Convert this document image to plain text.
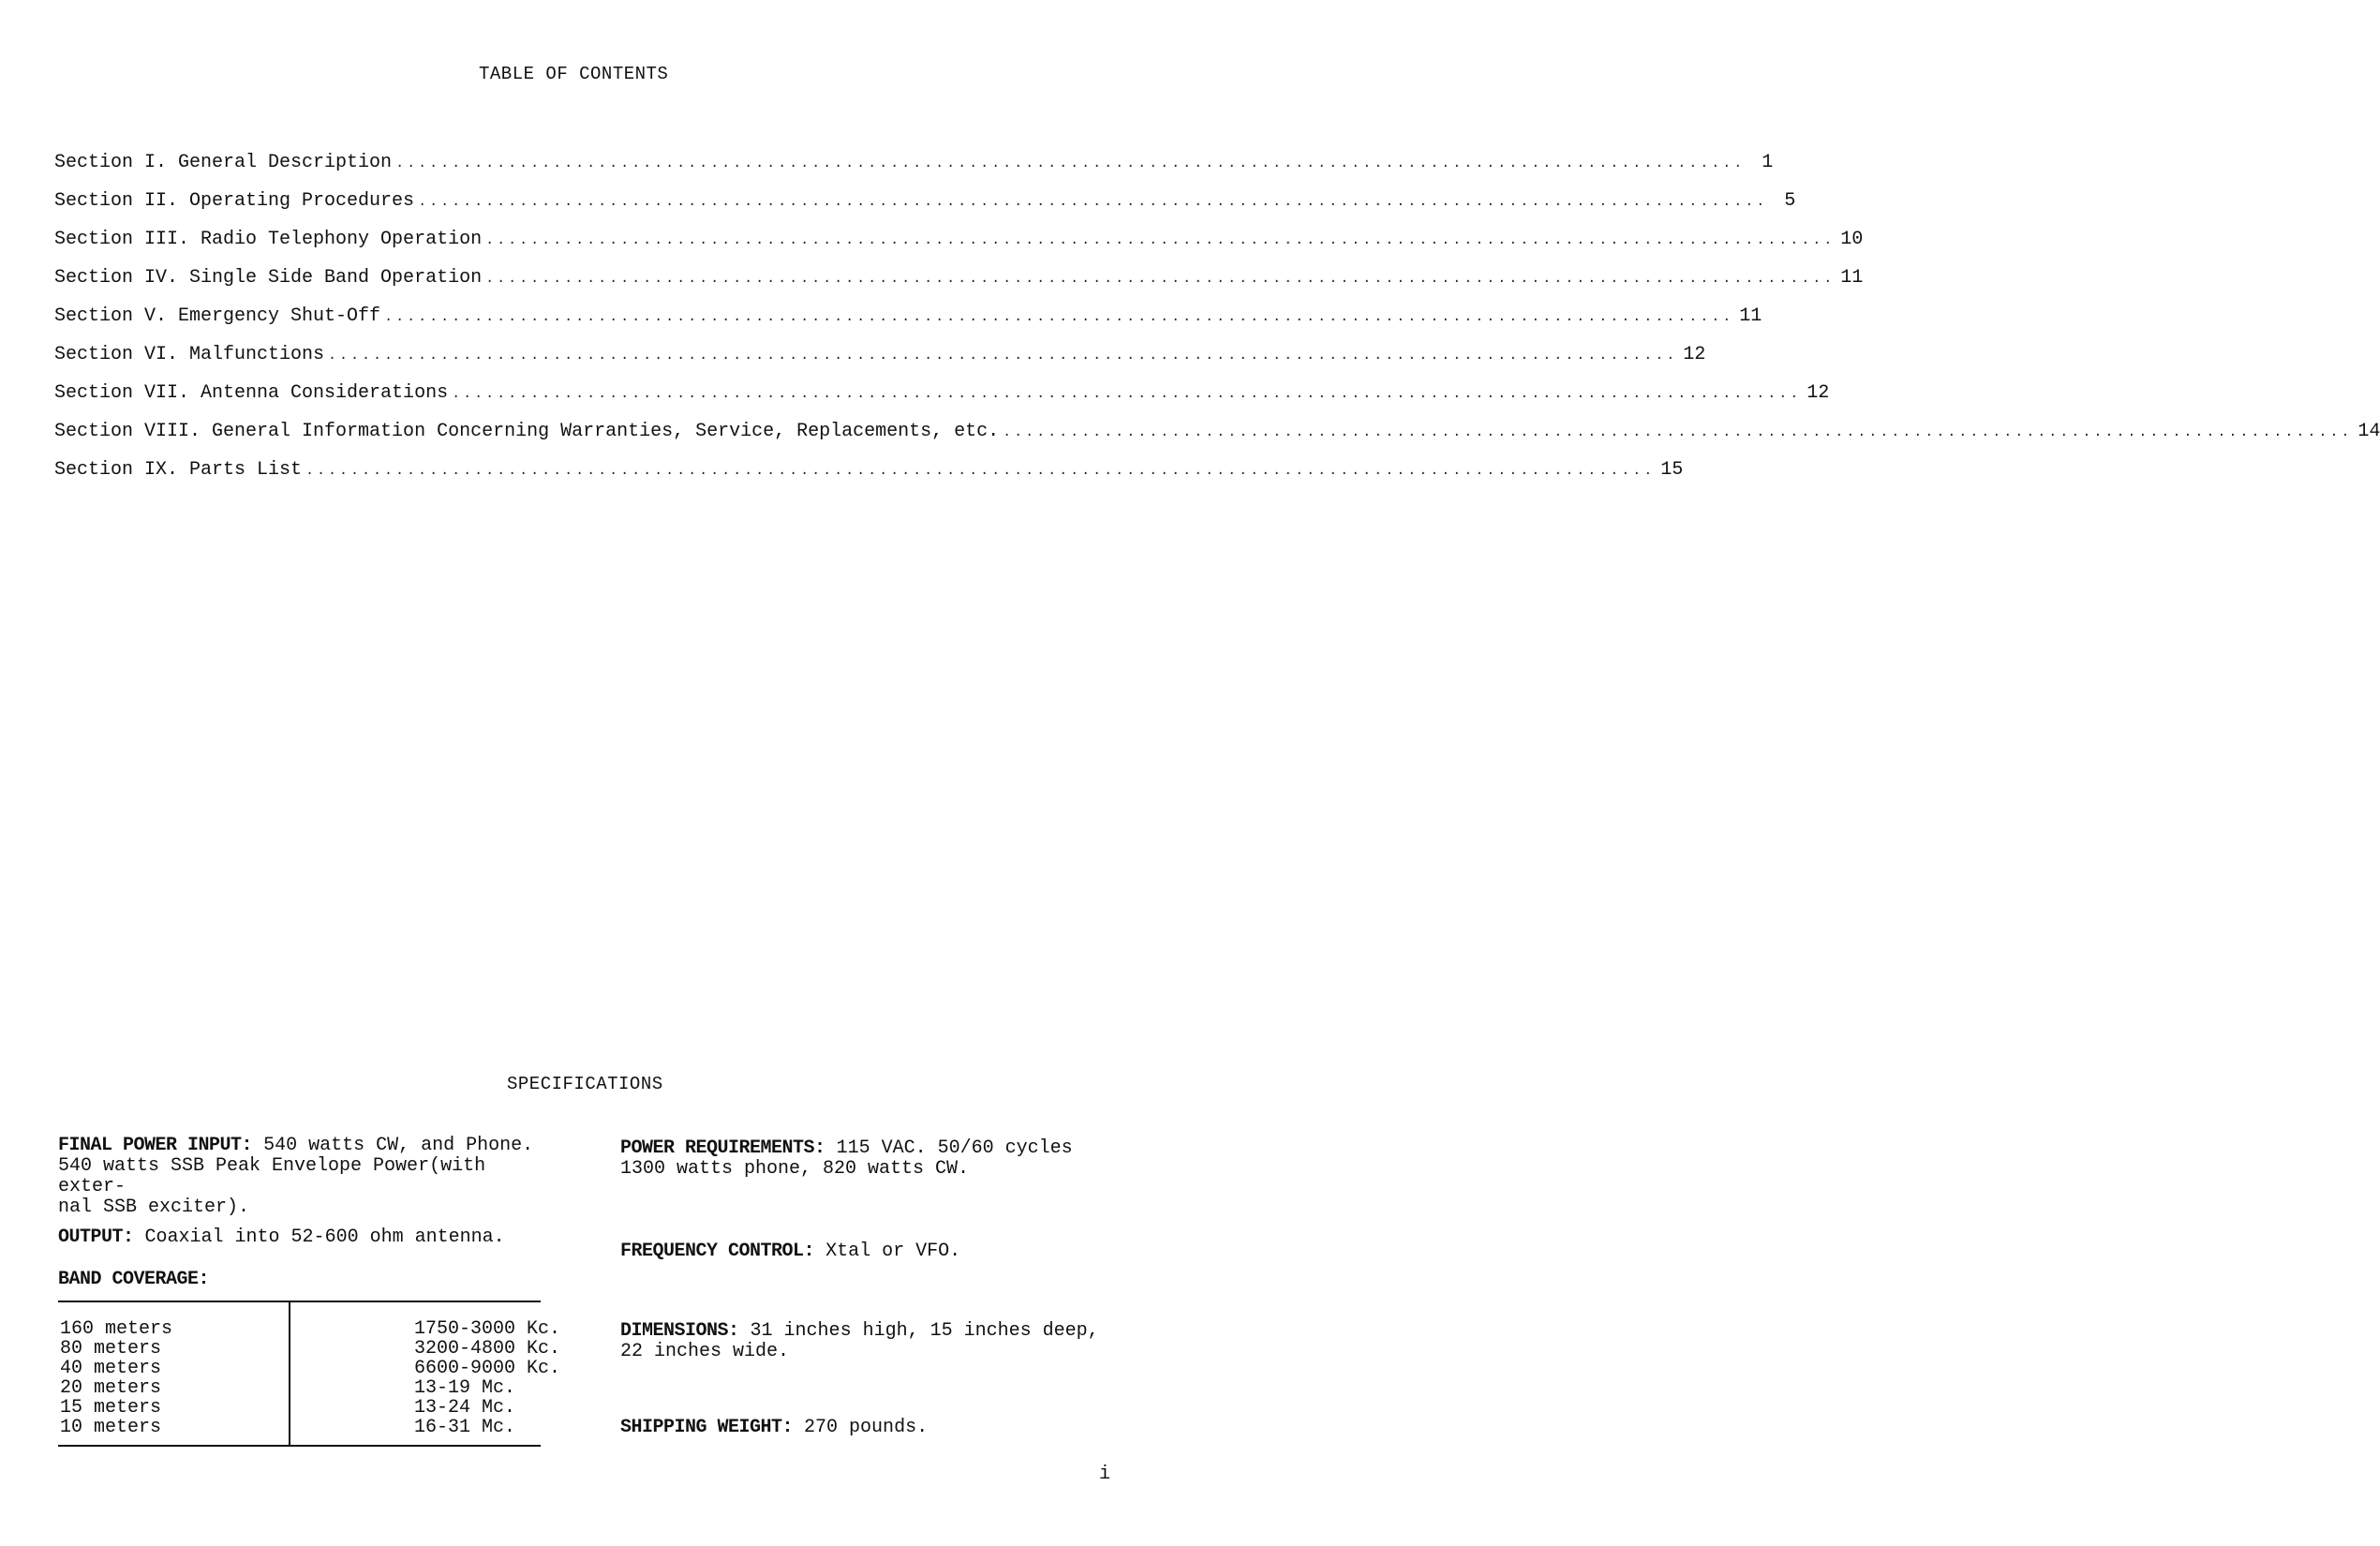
TABLE OF CONTENTS
Section I. General Description ........................................................................................................................ 1
Section II. Operating Procedures ........................................................................................................................ 5
Section III. Radio Telephony Operation ........................................................................................................................ 10
Section IV. Single Side Band Operation ........................................................................................................................ 11
Section V. Emergency Shut-Off ........................................................................................................................ 11
Section VI. Malfunctions ........................................................................................................................ 12
Section VII. Antenna Considerations ........................................................................................................................ 12
Section VIII. General Information Concerning Warranties, Service, Replacements, etc. ........................................................................................................................ 14
Section IX. Parts List ........................................................................................................................ 15
SPECIFICATIONS
FINAL POWER INPUT: 540 watts CW, and Phone.
540 watts SSB Peak Envelope Power(with exter-
nal SSB exciter).
OUTPUT: Coaxial into 52-600 ohm antenna.
BAND COVERAGE:
160 meters
80 meters
40 meters
20 meters
15 meters
10 meters
1750-3000 Kc.
3200-4800 Kc.
6600-9000 Kc.
13-19 Mc.
13-24 Mc.
16-31 Mc.
POWER REQUIREMENTS: 115 VAC. 50/60 cycles
1300 watts phone, 820 watts CW.
FREQUENCY CONTROL: Xtal or VFO.
DIMENSIONS: 31 inches high, 15 inches deep,
22 inches wide.
SHIPPING WEIGHT: 270 pounds.
i
